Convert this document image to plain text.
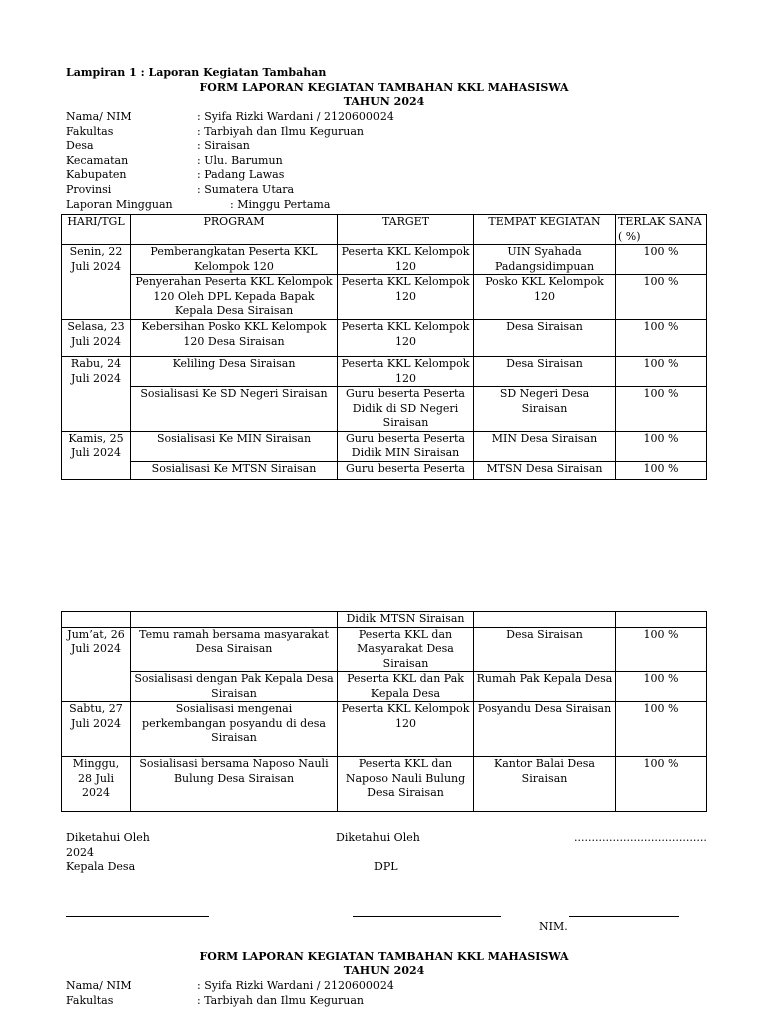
Lampiran 1 : Laporan Kegiatan Tambahan
FORM LAPORAN KEGIATAN TAMBAHAN KKL MAHASISWA
TAHUN 2024
Nama/ NIM	: Syifa Rizki Wardani / 2120600024
Fakultas	: Tarbiyah dan Ilmu Keguruan
Desa	: Siraisan
Kecamatan	: Ulu. Barumun
Kabupaten	: Padang Lawas
Provinsi	: Sumatera Utara
Laporan Mingguan	: Minggu Pertama
HARI/TGL	PROGRAM	TARGET	TEMPAT KEGIATAN	TERLAK SANA ( %)
Senin, 22 Juli 2024	Pemberangkatan Peserta KKL Kelompok 120	Peserta KKL Kelompok 120	UIN Syahada Padangsidimpuan	100 %
	Penyerahan Peserta KKL Kelompok 120 Oleh DPL Kepada Bapak Kepala Desa Siraisan	Peserta KKL Kelompok 120	Posko KKL Kelompok 120	100 %
Selasa, 23 Juli 2024	Kebersihan Posko KKL Kelompok 120 Desa Siraisan	Peserta KKL Kelompok 120	Desa Siraisan	100 %
Rabu, 24 Juli 2024	Keliling Desa Siraisan	Peserta KKL Kelompok 120	Desa Siraisan	100 %
	Sosialisasi Ke SD Negeri Siraisan	Guru beserta Peserta Didik di SD Negeri Siraisan	SD Negeri Desa Siraisan	100 %
Kamis, 25 Juli 2024	Sosialisasi Ke MIN Siraisan	Guru beserta Peserta Didik MIN Siraisan	MIN Desa Siraisan	100 %
	Sosialisasi Ke MTSN Siraisan	Guru beserta Peserta	MTSN Desa Siraisan	100 %
		Didik MTSN Siraisan		
Jum’at, 26 Juli 2024	Temu ramah bersama masyarakat Desa Siraisan	Peserta KKL dan Masyarakat Desa Siraisan	Desa Siraisan	100 %
	Sosialisasi dengan Pak Kepala Desa Siraisan	Peserta KKL dan Pak Kepala Desa	Rumah Pak Kepala Desa	100 %
Sabtu, 27 Juli 2024	Sosialisasi mengenai perkembangan posyandu di desa Siraisan	Peserta KKL Kelompok 120	Posyandu Desa Siraisan	100 %
Minggu, 28 Juli 2024	Sosialisasi bersama Naposo Nauli Bulung Desa Siraisan	Peserta KKL dan Naposo Nauli Bulung Desa Siraisan	Kantor Balai Desa Siraisan	100 %
Diketahui Oleh
2024
Kepala Desa
Diketahui Oleh
DPL
......................................
NIM.
FORM LAPORAN KEGIATAN TAMBAHAN KKL MAHASISWA
TAHUN 2024
Nama/ NIM	: Syifa Rizki Wardani / 2120600024
Fakultas	: Tarbiyah dan Ilmu Keguruan
